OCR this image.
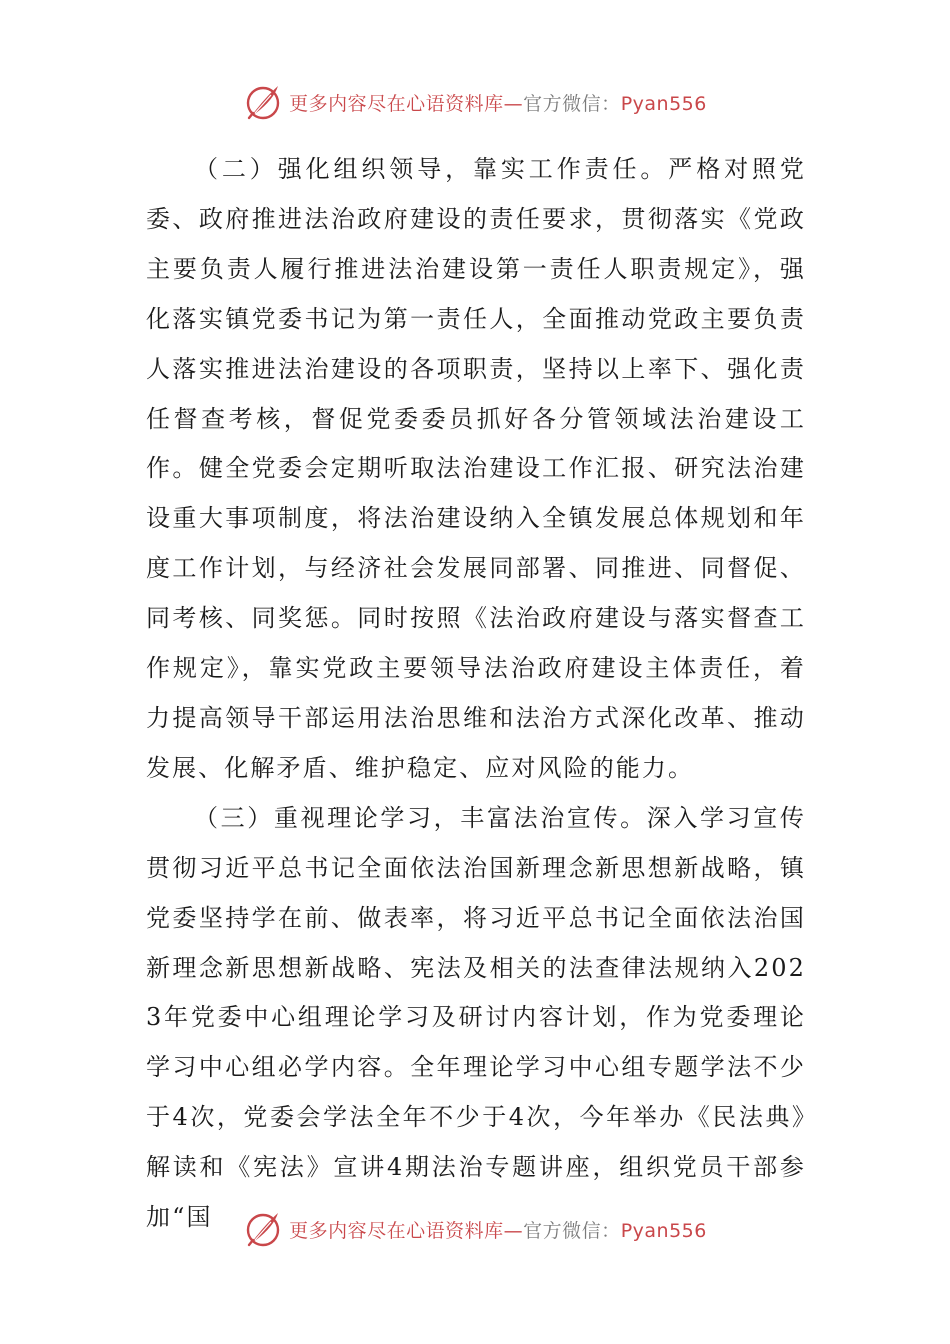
更多内容尽在心语资料库—官方微信：Pyan556

（二）强化组织领导，靠实工作责任。严格对照党委、政府推进法治政府建设的责任要求，贯彻落实《党政主要负责人履行推进法治建设第一责任人职责规定》，强化落实镇党委书记为第一责任人，全面推动党政主要负责人落实推进法治建设的各项职责，坚持以上率下、强化责任督查考核，督促党委委员抓好各分管领域法治建设工作。健全党委会定期听取法治建设工作汇报、研究法治建设重大事项制度，将法治建设纳入全镇发展总体规划和年度工作计划，与经济社会发展同部署、同推进、同督促、同考核、同奖惩。同时按照《法治政府建设与落实督查工作规定》，靠实党政主要领导法治政府建设主体责任，着力提高领导干部运用法治思维和法治方式深化改革、推动发展、化解矛盾、维护稳定、应对风险的能力。

（三）重视理论学习，丰富法治宣传。深入学习宣传贯彻习近平总书记全面依法治国新理念新思想新战略，镇党委坚持学在前、做表率，将习近平总书记全面依法治国新理念新思想新战略、宪法及相关的法查律法规纳入2023年党委中心组理论学习及研讨内容计划，作为党委理论学习中心组必学内容。全年理论学习中心组专题学法不少于4次，党委会学法全年不少于4次，今年举办《民法典》解读和《宪法》宣讲4期法治专题讲座，组织党员干部参加“国	更多内容尽在心语资料库—官方微信：Pyan556
